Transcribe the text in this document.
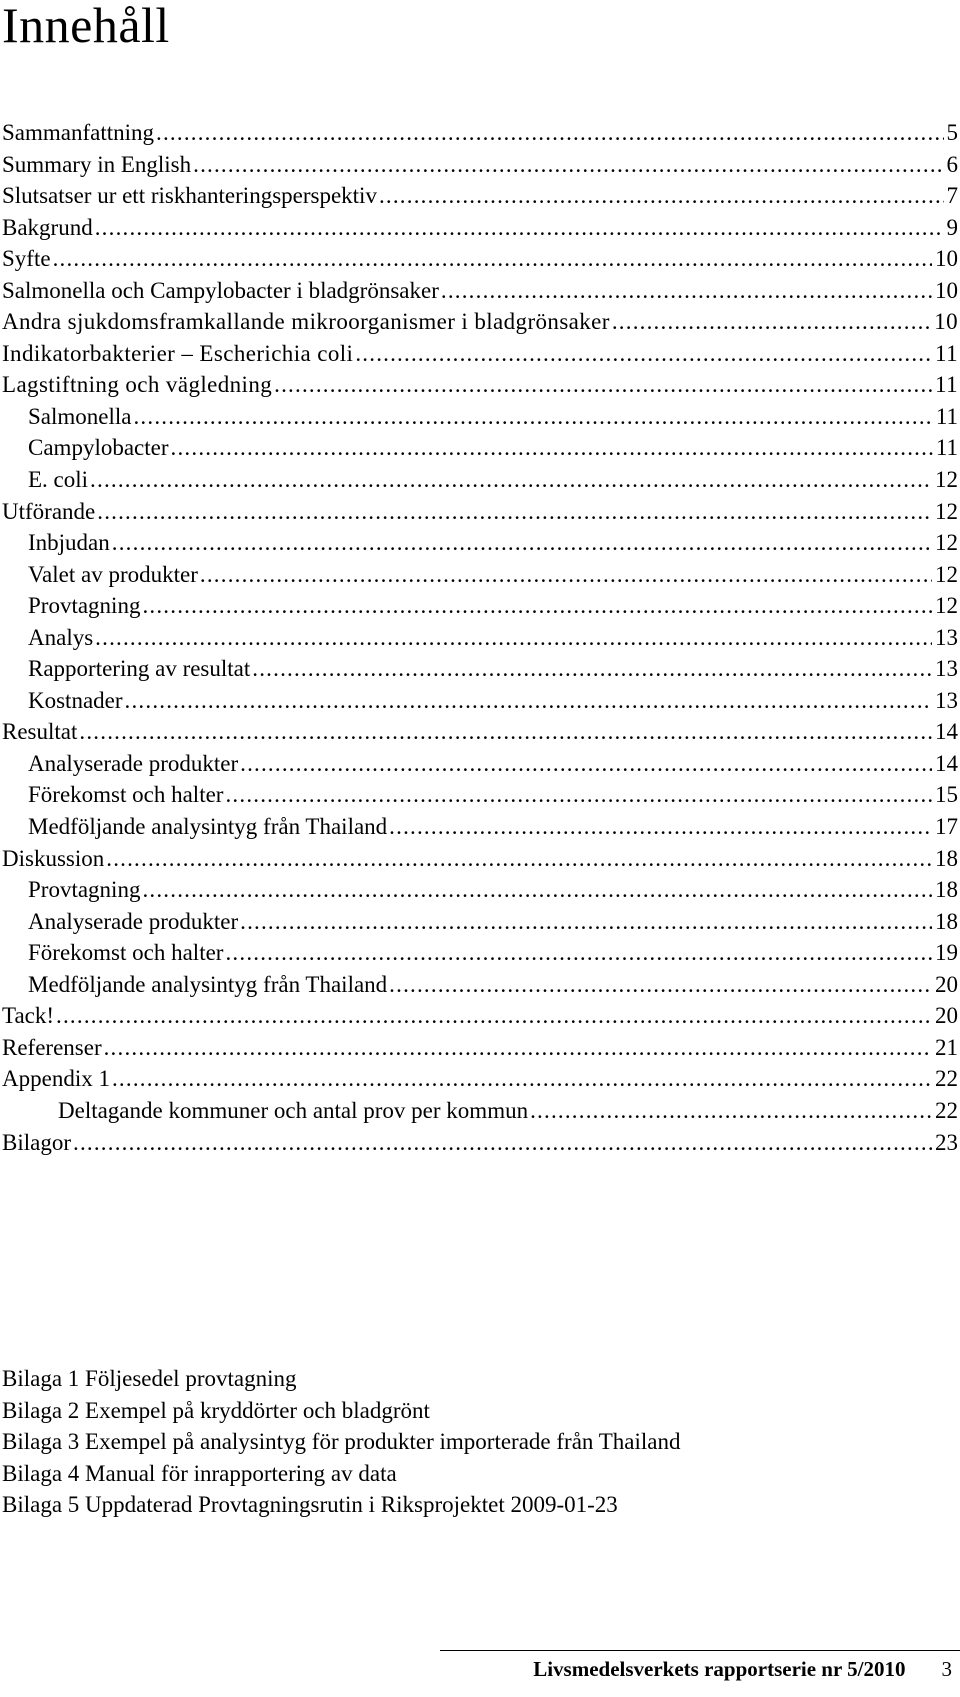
Innehåll
Sammanfattning .....	5
Summary in English .....	6
Slutsatser ur ett riskhanteringsperspektiv .....	7
Bakgrund .....	9
Syfte .....	10
Salmonella och Campylobacter i bladgrönsaker .....	10
Andra sjukdomsframkallande mikroorganismer i bladgrönsaker .....	10
Indikatorbakterier – Escherichia coli .....	11
Lagstiftning och vägledning .....	11
Salmonella .....	11
Campylobacter .....	11
E. coli .....	12
Utförande .....	12
Inbjudan .....	12
Valet av produkter .....	12
Provtagning .....	12
Analys .....	13
Rapportering av resultat .....	13
Kostnader .....	13
Resultat .....	14
Analyserade produkter .....	14
Förekomst och halter .....	15
Medföljande analysintyg från Thailand .....	17
Diskussion .....	18
Provtagning .....	18
Analyserade produkter .....	18
Förekomst och halter .....	19
Medföljande analysintyg från Thailand .....	20
Tack! .....	20
Referenser .....	21
Appendix 1 .....	22
Deltagande kommuner och antal prov per kommun .....	22
Bilagor .....	23
Bilaga 1 Följesedel provtagning
Bilaga 2 Exempel på kryddörter och bladgrönt
Bilaga 3 Exempel på analysintyg för produkter importerade från Thailand
Bilaga 4 Manual för inrapportering av data
Bilaga 5 Uppdaterad Provtagningsrutin i Riksprojektet 2009-01-23
Livsmedelsverkets rapportserie nr 5/2010 3
